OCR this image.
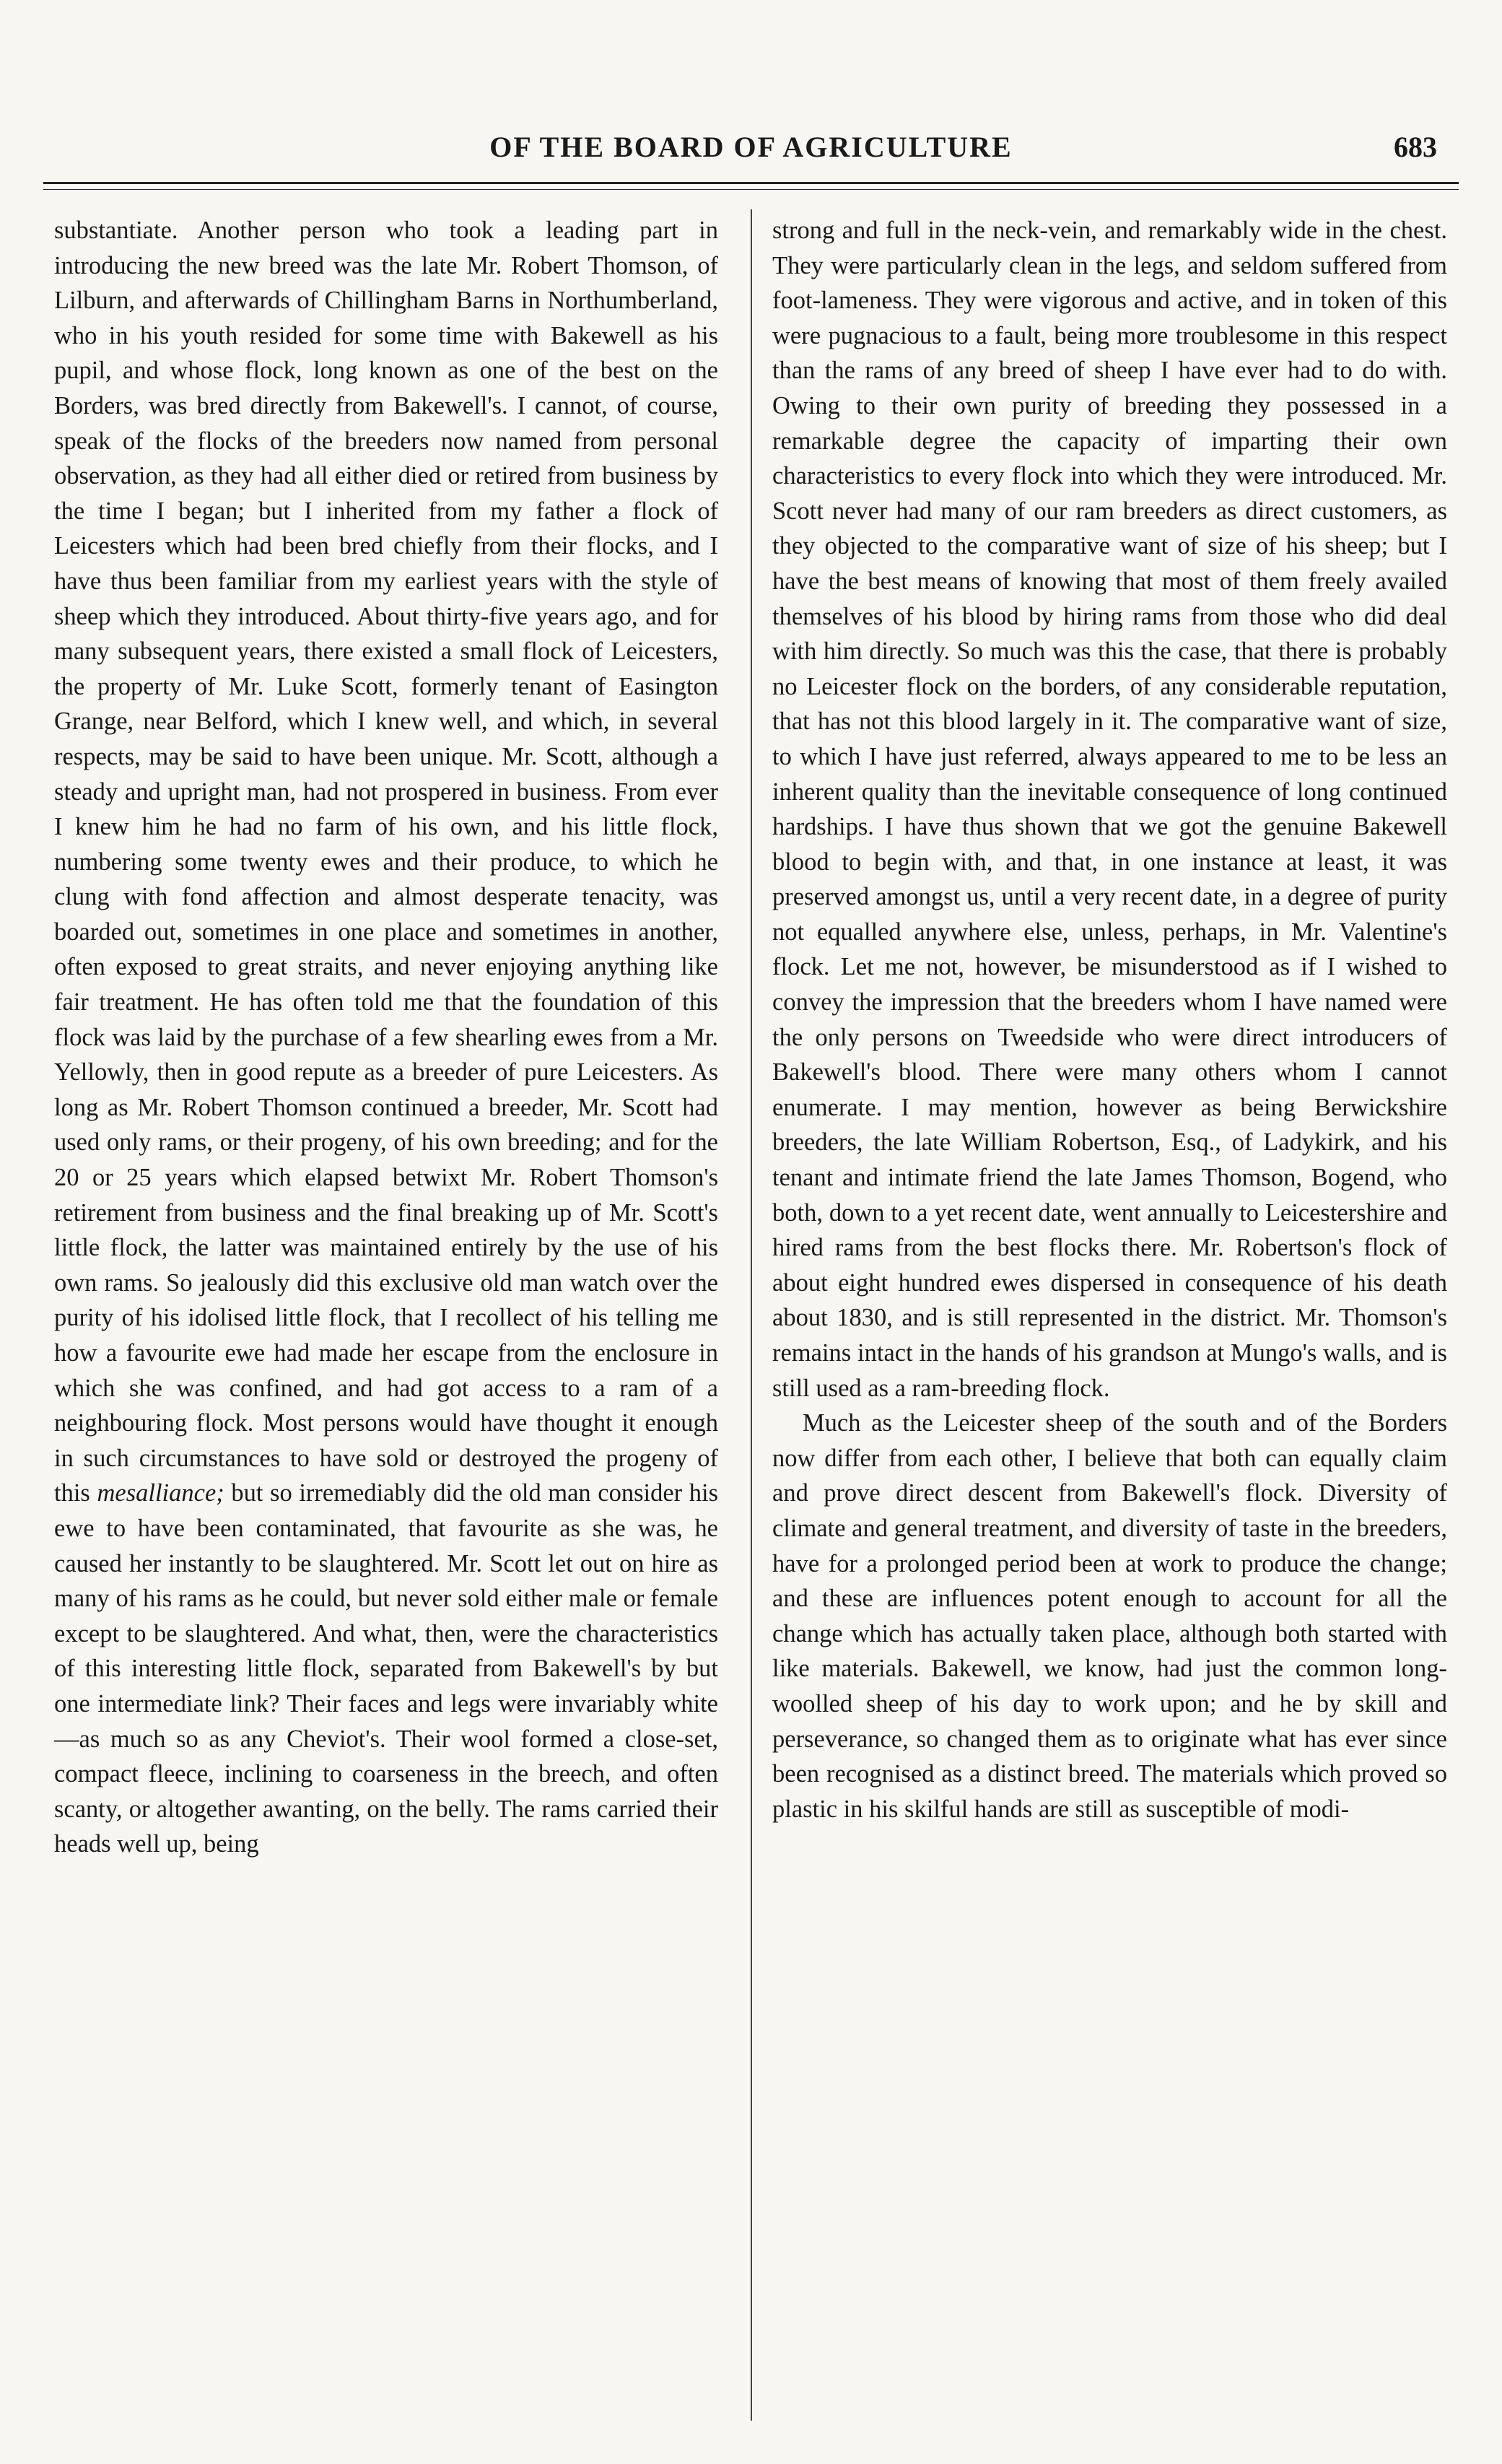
OF THE BOARD OF AGRICULTURE	683

substantiate. Another person who took a leading part in introducing the new breed was the late Mr. Robert Thomson, of Lilburn, and afterwards of Chillingham Barns in Northumberland, who in his youth resided for some time with Bakewell as his pupil, and whose flock, long known as one of the best on the Borders, was bred directly from Bakewell's. I cannot, of course, speak of the flocks of the breeders now named from personal observation, as they had all either died or retired from business by the time I began; but I inherited from my father a flock of Leicesters which had been bred chiefly from their flocks, and I have thus been familiar from my earliest years with the style of sheep which they introduced. About thirty-five years ago, and for many subsequent years, there existed a small flock of Leicesters, the property of Mr. Luke Scott, formerly tenant of Easington Grange, near Belford, which I knew well, and which, in several respects, may be said to have been unique. Mr. Scott, although a steady and upright man, had not prospered in business. From ever I knew him he had no farm of his own, and his little flock, numbering some twenty ewes and their produce, to which he clung with fond affection and almost desperate tenacity, was boarded out, sometimes in one place and sometimes in another, often exposed to great straits, and never enjoying anything like fair treatment. He has often told me that the foundation of this flock was laid by the purchase of a few shearling ewes from a Mr. Yellowly, then in good repute as a breeder of pure Leicesters. As long as Mr. Robert Thomson continued a breeder, Mr. Scott had used only rams, or their progeny, of his own breeding; and for the 20 or 25 years which elapsed betwixt Mr. Robert Thomson's retirement from business and the final breaking up of Mr. Scott's little flock, the latter was maintained entirely by the use of his own rams. So jealously did this exclusive old man watch over the purity of his idolised little flock, that I recollect of his telling me how a favourite ewe had made her escape from the enclosure in which she was confined, and had got access to a ram of a neighbouring flock. Most persons would have thought it enough in such circumstances to have sold or destroyed the progeny of this mesalliance; but so irremediably did the old man consider his ewe to have been contaminated, that favourite as she was, he caused her instantly to be slaughtered. Mr. Scott let out on hire as many of his rams as he could, but never sold either male or female except to be slaughtered. And what, then, were the characteristics of this interesting little flock, separated from Bakewell's by but one intermediate link? Their faces and legs were invariably white—as much so as any Cheviot's. Their wool formed a close-set, compact fleece, inclining to coarseness in the breech, and often scanty, or altogether awanting, on the belly. The rams carried their heads well up, being

strong and full in the neck-vein, and remarkably wide in the chest. They were particularly clean in the legs, and seldom suffered from foot-lameness. They were vigorous and active, and in token of this were pugnacious to a fault, being more troublesome in this respect than the rams of any breed of sheep I have ever had to do with. Owing to their own purity of breeding they possessed in a remarkable degree the capacity of imparting their own characteristics to every flock into which they were introduced. Mr. Scott never had many of our ram breeders as direct customers, as they objected to the comparative want of size of his sheep; but I have the best means of knowing that most of them freely availed themselves of his blood by hiring rams from those who did deal with him directly. So much was this the case, that there is probably no Leicester flock on the borders, of any considerable reputation, that has not this blood largely in it. The comparative want of size, to which I have just referred, always appeared to me to be less an inherent quality than the inevitable consequence of long continued hardships. I have thus shown that we got the genuine Bakewell blood to begin with, and that, in one instance at least, it was preserved amongst us, until a very recent date, in a degree of purity not equalled anywhere else, unless, perhaps, in Mr. Valentine's flock. Let me not, however, be misunderstood as if I wished to convey the impression that the breeders whom I have named were the only persons on Tweedside who were direct introducers of Bakewell's blood. There were many others whom I cannot enumerate. I may mention, however as being Berwickshire breeders, the late William Robertson, Esq., of Ladykirk, and his tenant and intimate friend the late James Thomson, Bogend, who both, down to a yet recent date, went annually to Leicestershire and hired rams from the best flocks there. Mr. Robertson's flock of about eight hundred ewes dispersed in consequence of his death about 1830, and is still represented in the district. Mr. Thomson's remains intact in the hands of his grandson at Mungo's walls, and is still used as a ram-breeding flock.

Much as the Leicester sheep of the south and of the Borders now differ from each other, I believe that both can equally claim and prove direct descent from Bakewell's flock. Diversity of climate and general treatment, and diversity of taste in the breeders, have for a prolonged period been at work to produce the change; and these are influences potent enough to account for all the change which has actually taken place, although both started with like materials. Bakewell, we know, had just the common long-woolled sheep of his day to work upon; and he by skill and perseverance, so changed them as to originate what has ever since been recognised as a distinct breed. The materials which proved so plastic in his skilful hands are still as susceptible of modi-
